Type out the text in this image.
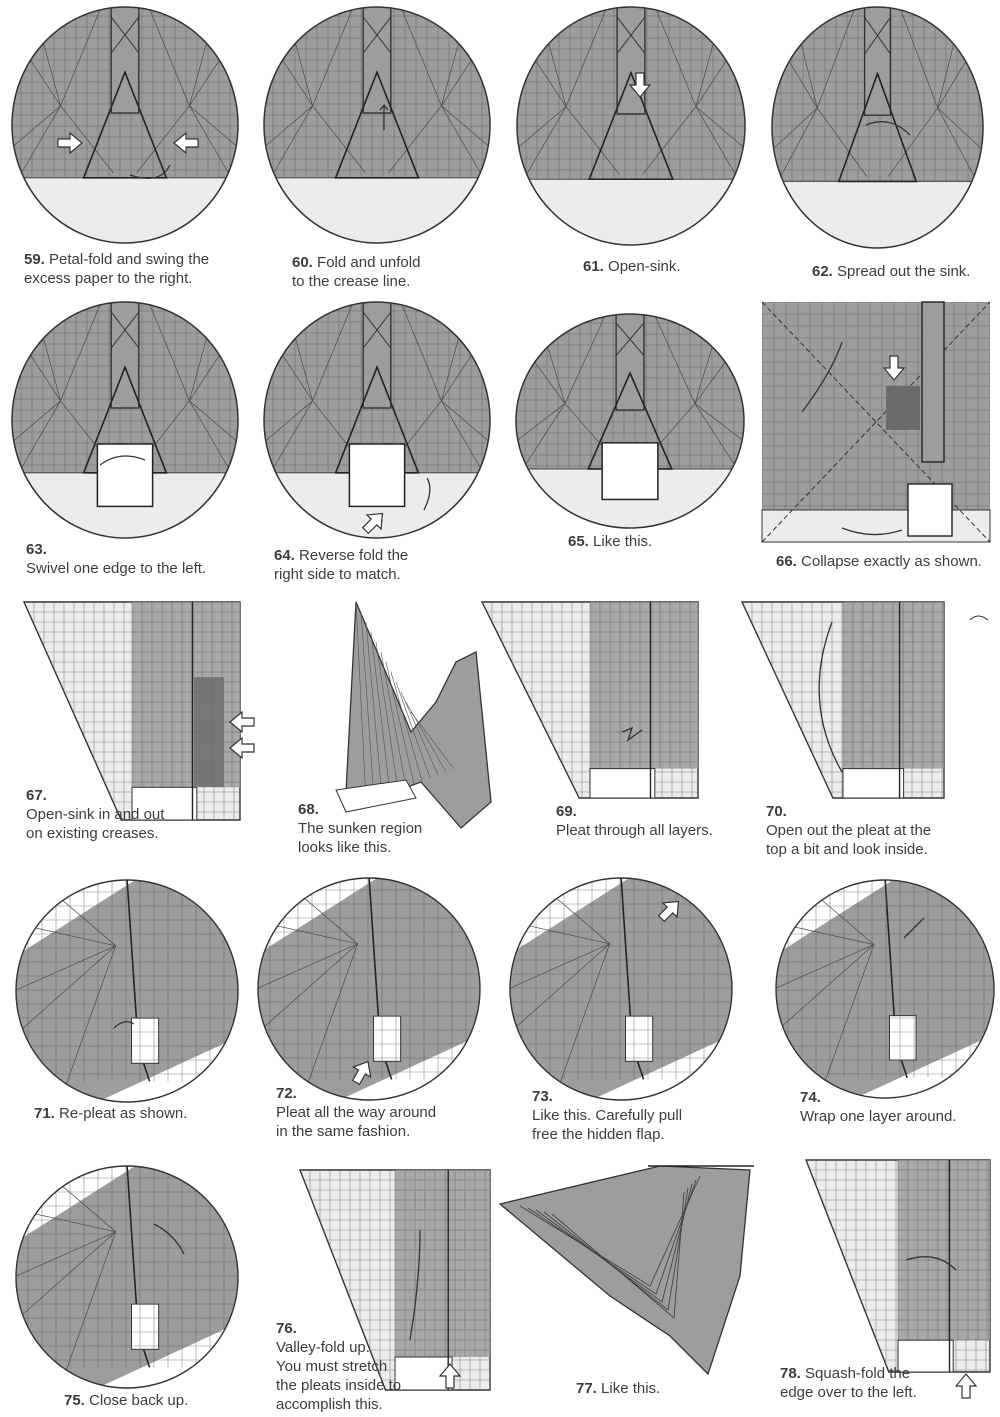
59. Petal-fold and swing the
excess paper to the right.

60. Fold and unfold
to the crease line.

61. Open-sink.	62. Spread out the sink.

63.
Swivel one edge to the left.

64. Reverse fold the
right side to match.

65. Like this.

66. Collapse exactly as shown.

67.
Open-sink in and out
on existing creases.

68.
The sunken region
looks like this.

69.
Pleat through all layers.

70.
Open out the pleat at the
top a bit and look inside.

71. Re-pleat as shown.

72.
Pleat all the way around
in the same fashion.

73.
Like this. Carefully pull
free the hidden flap.

74.
Wrap one layer around.

75. Close back up.

76.
Valley-fold up.
You must stretch
the pleats inside to
accomplish this.

77. Like this.

78. Squash-fold the
edge over to the left.
